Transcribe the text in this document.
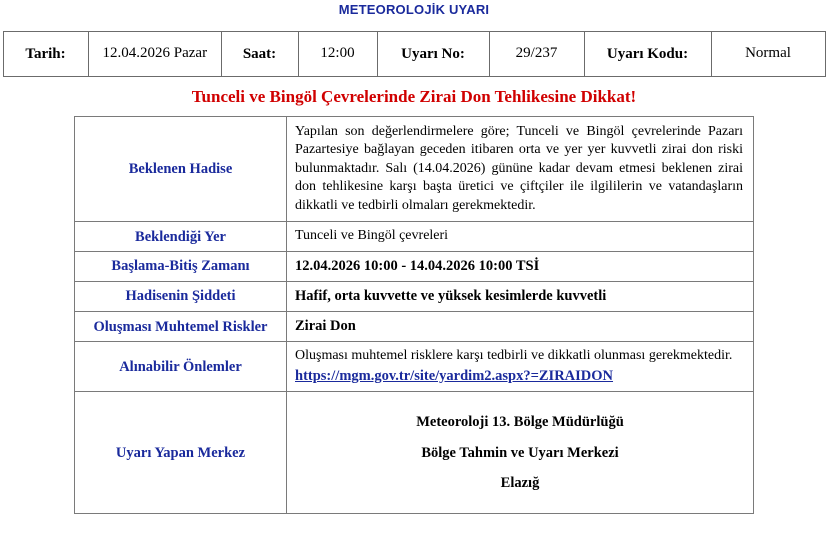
METEOROLOJİK UYARI
Tarih:	12.04.2026 Pazar	Saat:	12:00	Uyarı No:	29/237	Uyarı Kodu:	Normal
Tunceli ve Bingöl Çevrelerinde Zirai Don Tehlikesine Dikkat!
Beklenen Hadise	Yapılan son değerlendirmelere göre; Tunceli ve Bingöl çevrelerinde Pazarı Pazartesiye bağlayan geceden itibaren orta ve yer yer kuvvetli zirai don riski bulunmaktadır. Salı (14.04.2026) gününe kadar devam etmesi beklenen zirai don tehlikesine karşı başta üretici ve çiftçiler ile ilgililerin ve vatandaşların dikkatli ve tedbirli olmaları gerekmektedir.
Beklendiği Yer	Tunceli ve Bingöl çevreleri
Başlama-Bitiş Zamanı	12.04.2026 10:00 - 14.04.2026 10:00 TSİ
Hadisenin Şiddeti	Hafif, orta kuvvette ve yüksek kesimlerde kuvvetli
Oluşması Muhtemel Riskler	Zirai Don
Alınabilir Önlemler	Oluşması muhtemel risklere karşı tedbirli ve dikkatli olunması gerekmektedir.
https://mgm.gov.tr/site/yardim2.aspx?=ZIRAIDON
Uyarı Yapan Merkez	Meteoroloji 13. Bölge Müdürlüğü
Bölge Tahmin ve Uyarı Merkezi
Elazığ
